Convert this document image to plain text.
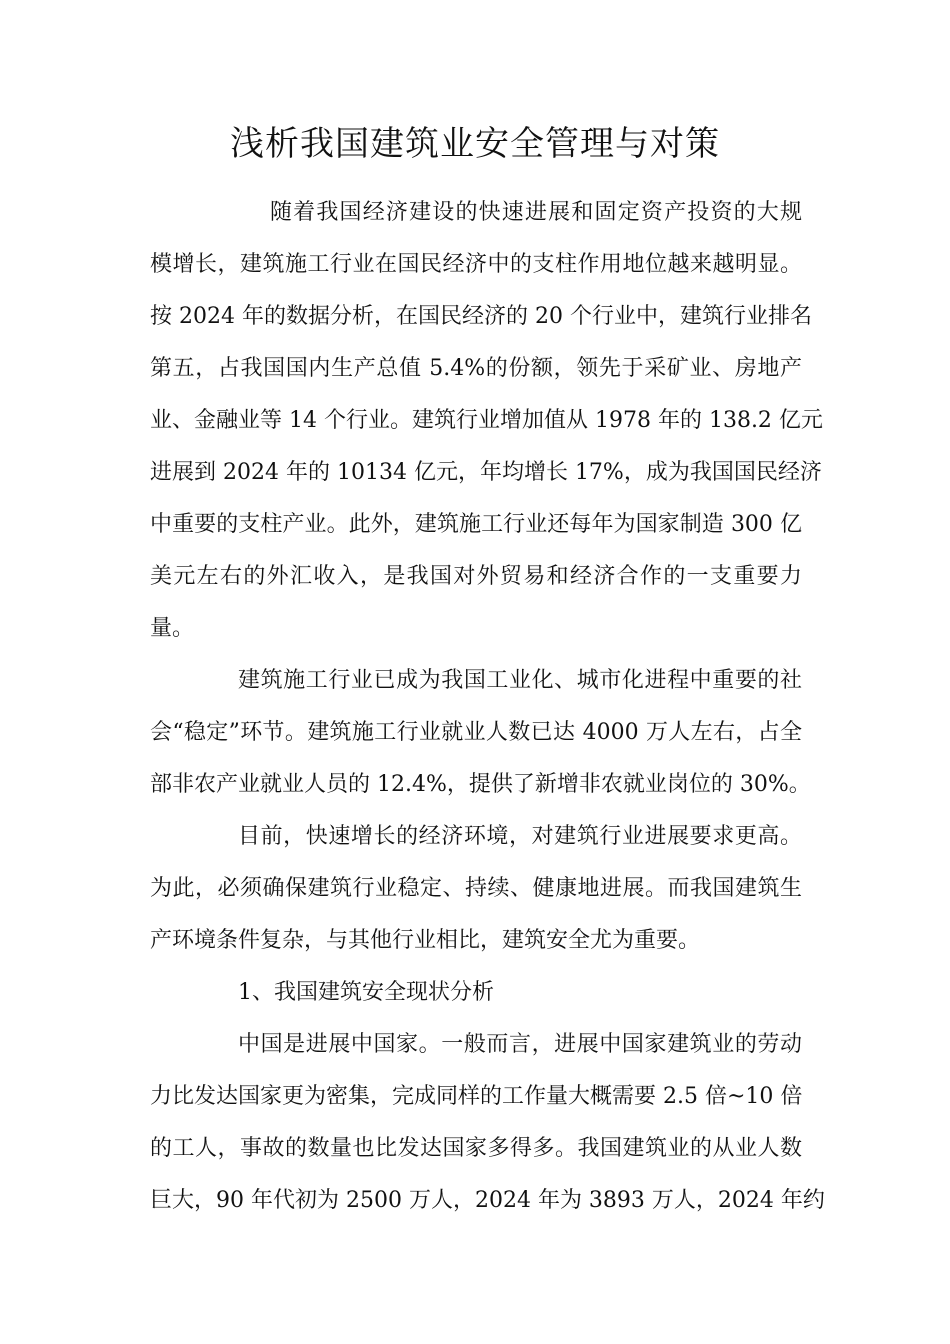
浅析我国建筑业安全管理与对策
随着我国经济建设的快速进展和固定资产投资的大规
模增长，建筑施工行业在国民经济中的支柱作用地位越来越明显。
按 2024 年的数据分析，在国民经济的 20 个行业中，建筑行业排名
第五，占我国国内生产总值 5.4%的份额，领先于采矿业、房地产
业、金融业等 14 个行业。建筑行业增加值从 1978 年的 138.2 亿元
进展到 2024 年的 10134 亿元，年均增长 17%，成为我国国民经济
中重要的支柱产业。此外，建筑施工行业还每年为国家制造 300 亿
美元左右的外汇收入，是我国对外贸易和经济合作的一支重要力
量。
建筑施工行业已成为我国工业化、城市化进程中重要的社
会“稳定”环节。建筑施工行业就业人数已达 4000 万人左右，占全
部非农产业就业人员的 12.4%，提供了新增非农就业岗位的 30%。
目前，快速增长的经济环境，对建筑行业进展要求更高。
为此，必须确保建筑行业稳定、持续、健康地进展。而我国建筑生
产环境条件复杂，与其他行业相比，建筑安全尤为重要。
1、我国建筑安全现状分析
中国是进展中国家。一般而言，进展中国家建筑业的劳动
力比发达国家更为密集，完成同样的工作量大概需要 2.5 倍~10 倍
的工人，事故的数量也比发达国家多得多。我国建筑业的从业人数
巨大，90 年代初为 2500 万人，2024 年为 3893 万人，2024 年约
